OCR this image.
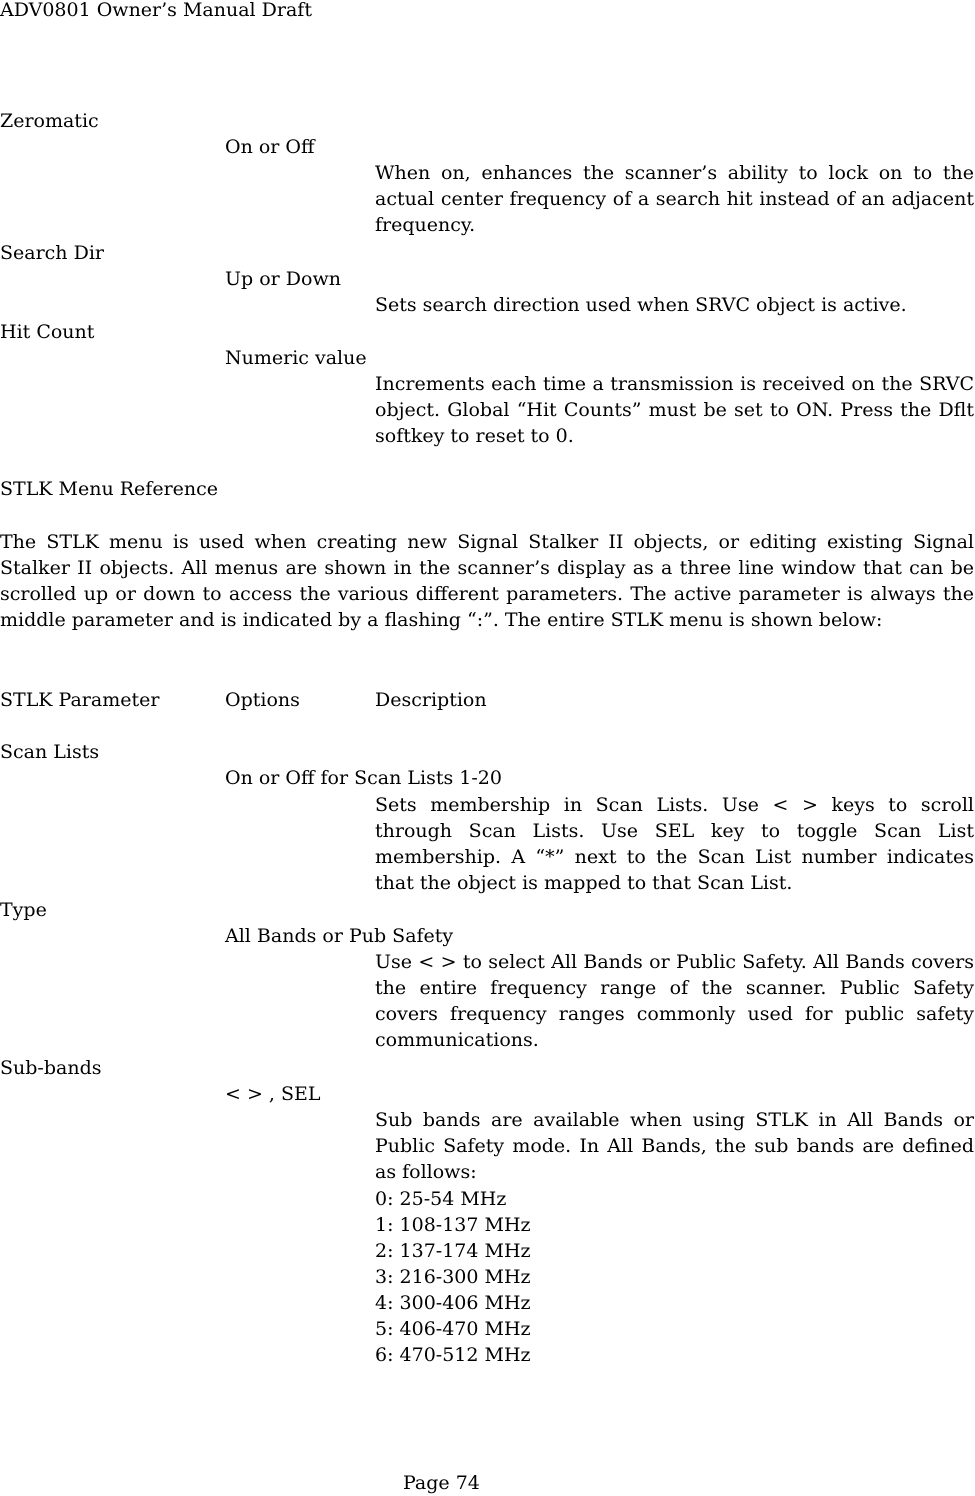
ADV0801 Owner’s Manual Draft
Zeromatic
On or Off
When on, enhances the scanner’s ability to lock on to the actual center frequency of a search hit instead of an adjacent frequency.
Search Dir
Up or Down
Sets search direction used when SRVC object is active.
Hit Count
Numeric value
Increments each time a transmission is received on the SRVC object. Global “Hit Counts” must be set to ON. Press the Dflt softkey to reset to 0.
STLK Menu Reference
The STLK menu is used when creating new Signal Stalker II objects, or editing existing Signal Stalker II objects. All menus are shown in the scanner’s display as a three line window that can be scrolled up or down to access the various different parameters. The active parameter is always the middle parameter and is indicated by a flashing “:”. The entire STLK menu is shown below:
STLK Parameter	Options	Description
Scan Lists
On or Off for Scan Lists 1-20
Sets membership in Scan Lists. Use < > keys to scroll through Scan Lists. Use SEL key to toggle Scan List membership. A “*” next to the Scan List number indicates that the object is mapped to that Scan List.
Type
All Bands or Pub Safety
Use < > to select All Bands or Public Safety. All Bands covers the entire frequency range of the scanner. Public Safety covers frequency ranges commonly used for public safety communications.
Sub-bands
< > , SEL
Sub bands are available when using STLK in All Bands or Public Safety mode. In All Bands, the sub bands are defined as follows:
0: 25-54 MHz
1: 108-137 MHz
2: 137-174 MHz
3: 216-300 MHz
4: 300-406 MHz
5: 406-470 MHz
6: 470-512 MHz
Page 74
